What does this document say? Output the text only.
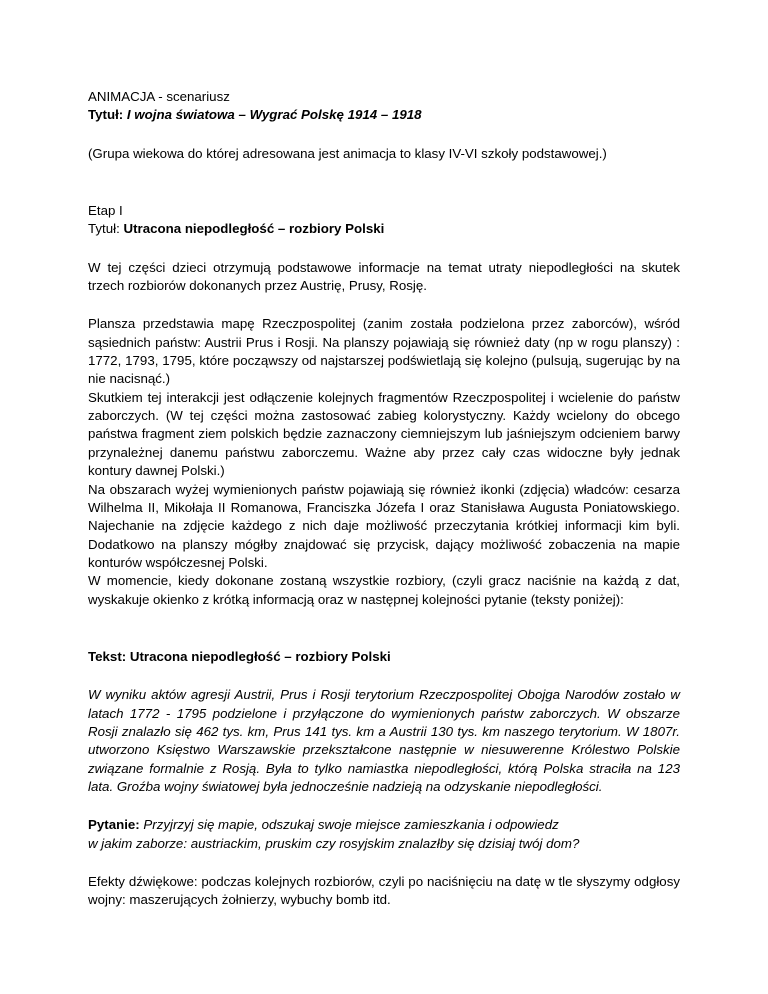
ANIMACJA - scenariusz

Tytuł: I wojna światowa – Wygrać Polskę 1914 – 1918

(Grupa wiekowa do której adresowana jest animacja to klasy IV-VI szkoły podstawowej.)

Etap I

Tytuł: Utracona niepodległość – rozbiory Polski

W tej części dzieci otrzymują podstawowe informacje na temat utraty niepodległości na skutek trzech rozbiorów dokonanych przez Austrię, Prusy, Rosję.

Plansza przedstawia mapę Rzeczpospolitej (zanim została podzielona przez zaborców), wśród sąsiednich państw: Austrii Prus i Rosji. Na planszy pojawiają się również daty (np w rogu planszy) : 1772, 1793, 1795, które począwszy od najstarszej podświetlają się kolejno (pulsują, sugerując by na nie nacisnąć.)

Skutkiem tej interakcji jest odłączenie kolejnych fragmentów Rzeczpospolitej i wcielenie do państw zaborczych. (W tej części można zastosować zabieg kolorystyczny. Każdy wcielony do obcego państwa fragment ziem polskich będzie zaznaczony ciemniejszym lub jaśniejszym odcieniem barwy przynależnej danemu państwu zaborczemu. Ważne aby przez cały czas widoczne były jednak kontury dawnej Polski.)

Na obszarach wyżej wymienionych państw pojawiają się również ikonki (zdjęcia) władców: cesarza Wilhelma II, Mikołaja II Romanowa, Franciszka Józefa I oraz Stanisława Augusta Poniatowskiego. Najechanie na zdjęcie każdego z nich daje możliwość przeczytania krótkiej informacji kim byli. Dodatkowo na planszy mógłby znajdować się przycisk, dający możliwość zobaczenia na mapie konturów współczesnej Polski.

W momencie, kiedy dokonane zostaną wszystkie rozbiory, (czyli gracz naciśnie na każdą z dat, wyskakuje okienko z krótką informacją oraz w następnej kolejności pytanie (teksty poniżej):

Tekst: Utracona niepodległość – rozbiory Polski

W wyniku aktów agresji Austrii, Prus i Rosji terytorium Rzeczpospolitej Obojga Narodów zostało w latach 1772 - 1795 podzielone i przyłączone do wymienionych państw zaborczych. W obszarze Rosji znalazło się 462 tys. km, Prus 141 tys. km a Austrii 130 tys. km naszego terytorium. W 1807r. utworzono Księstwo Warszawskie przekształcone następnie w niesuwerenne Królestwo Polskie związane formalnie z Rosją. Była to tylko namiastka niepodległości, którą Polska straciła na 123 lata. Groźba wojny światowej była jednocześnie nadzieją na odzyskanie niepodległości.

Pytanie: Przyjrzyj się mapie, odszukaj swoje miejsce zamieszkania i odpowiedz

w jakim zaborze: austriackim, pruskim czy rosyjskim znalazłby się dzisiaj twój dom?

Efekty dźwiękowe: podczas kolejnych rozbiorów, czyli po naciśnięciu na datę w tle słyszymy odgłosy wojny: maszerujących żołnierzy, wybuchy bomb itd.
